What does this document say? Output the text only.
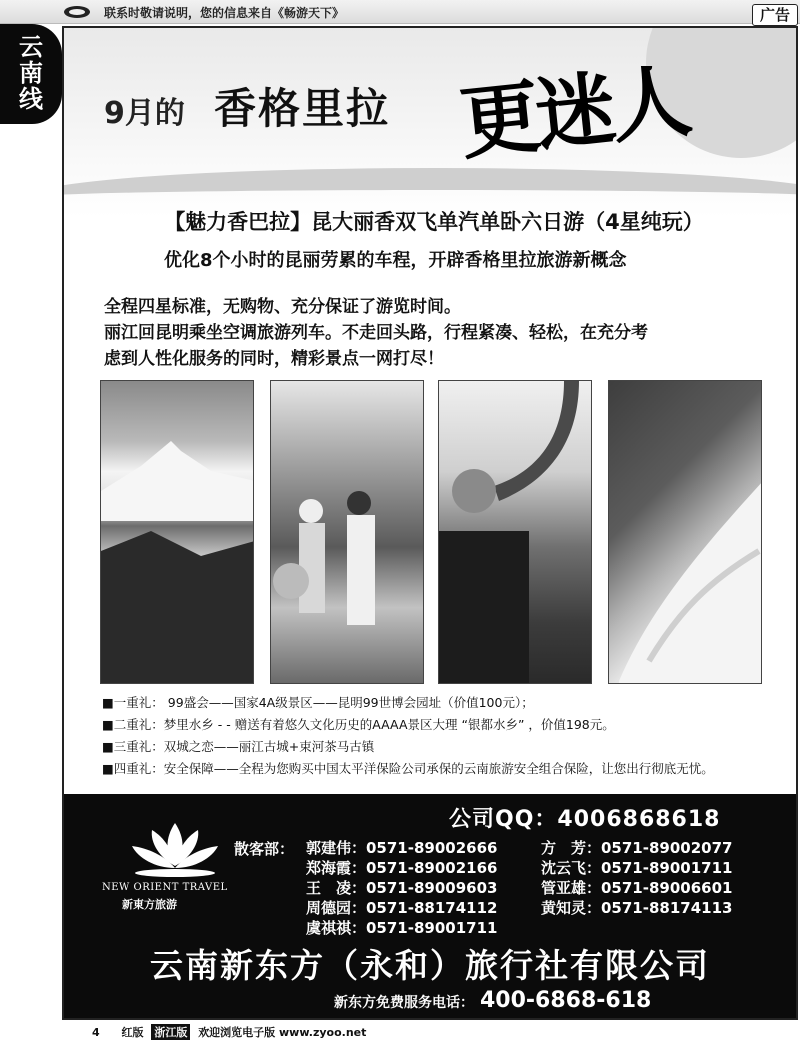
联系时敬请说明，您的信息来自《畅游天下》	广告
云南线 9月的 香格里拉 更迷人
【魅力香巴拉】昆大丽香双飞单汽单卧六日游（4星纯玩）
优化8个小时的昆丽劳累的车程，开辟香格里拉旅游新概念
全程四星标准，无购物、充分保证了游览时间。
丽江回昆明乘坐空调旅游列车。不走回头路，行程紧凑、轻松，在充分考
虑到人性化服务的同时，精彩景点一网打尽！
■一重礼： 99盛会——国家4A级景区——昆明99世博会园址（价值100元）；
■二重礼：梦里水乡 - - 赠送有着悠久文化历史的AAAA景区大理 “银都水乡” ，价值198元。
■三重礼：双城之恋——丽江古城+束河茶马古镇
■四重礼：安全保障——全程为您购买中国太平洋保险公司承保的云南旅游安全组合保险，让您出行彻底无忧。
公司QQ：4006868618
NEW ORIENT TRAVEL
新東方旅游
散客部： 郭建伟：0571-89002666	方　芳：0571-89002077
郑海霞：0571-89002166	沈云飞：0571-89001711
王　凌：0571-89009603	管亚雄：0571-89006601
周德园：0571-88174112	黄知灵：0571-88174113
虞祺祺：0571-89001711
云南新东方（永和）旅行社有限公司
新东方免费服务电话： 400-6868-618
4 红版 浙江版 欢迎浏览电子版 www.zyoo.net
